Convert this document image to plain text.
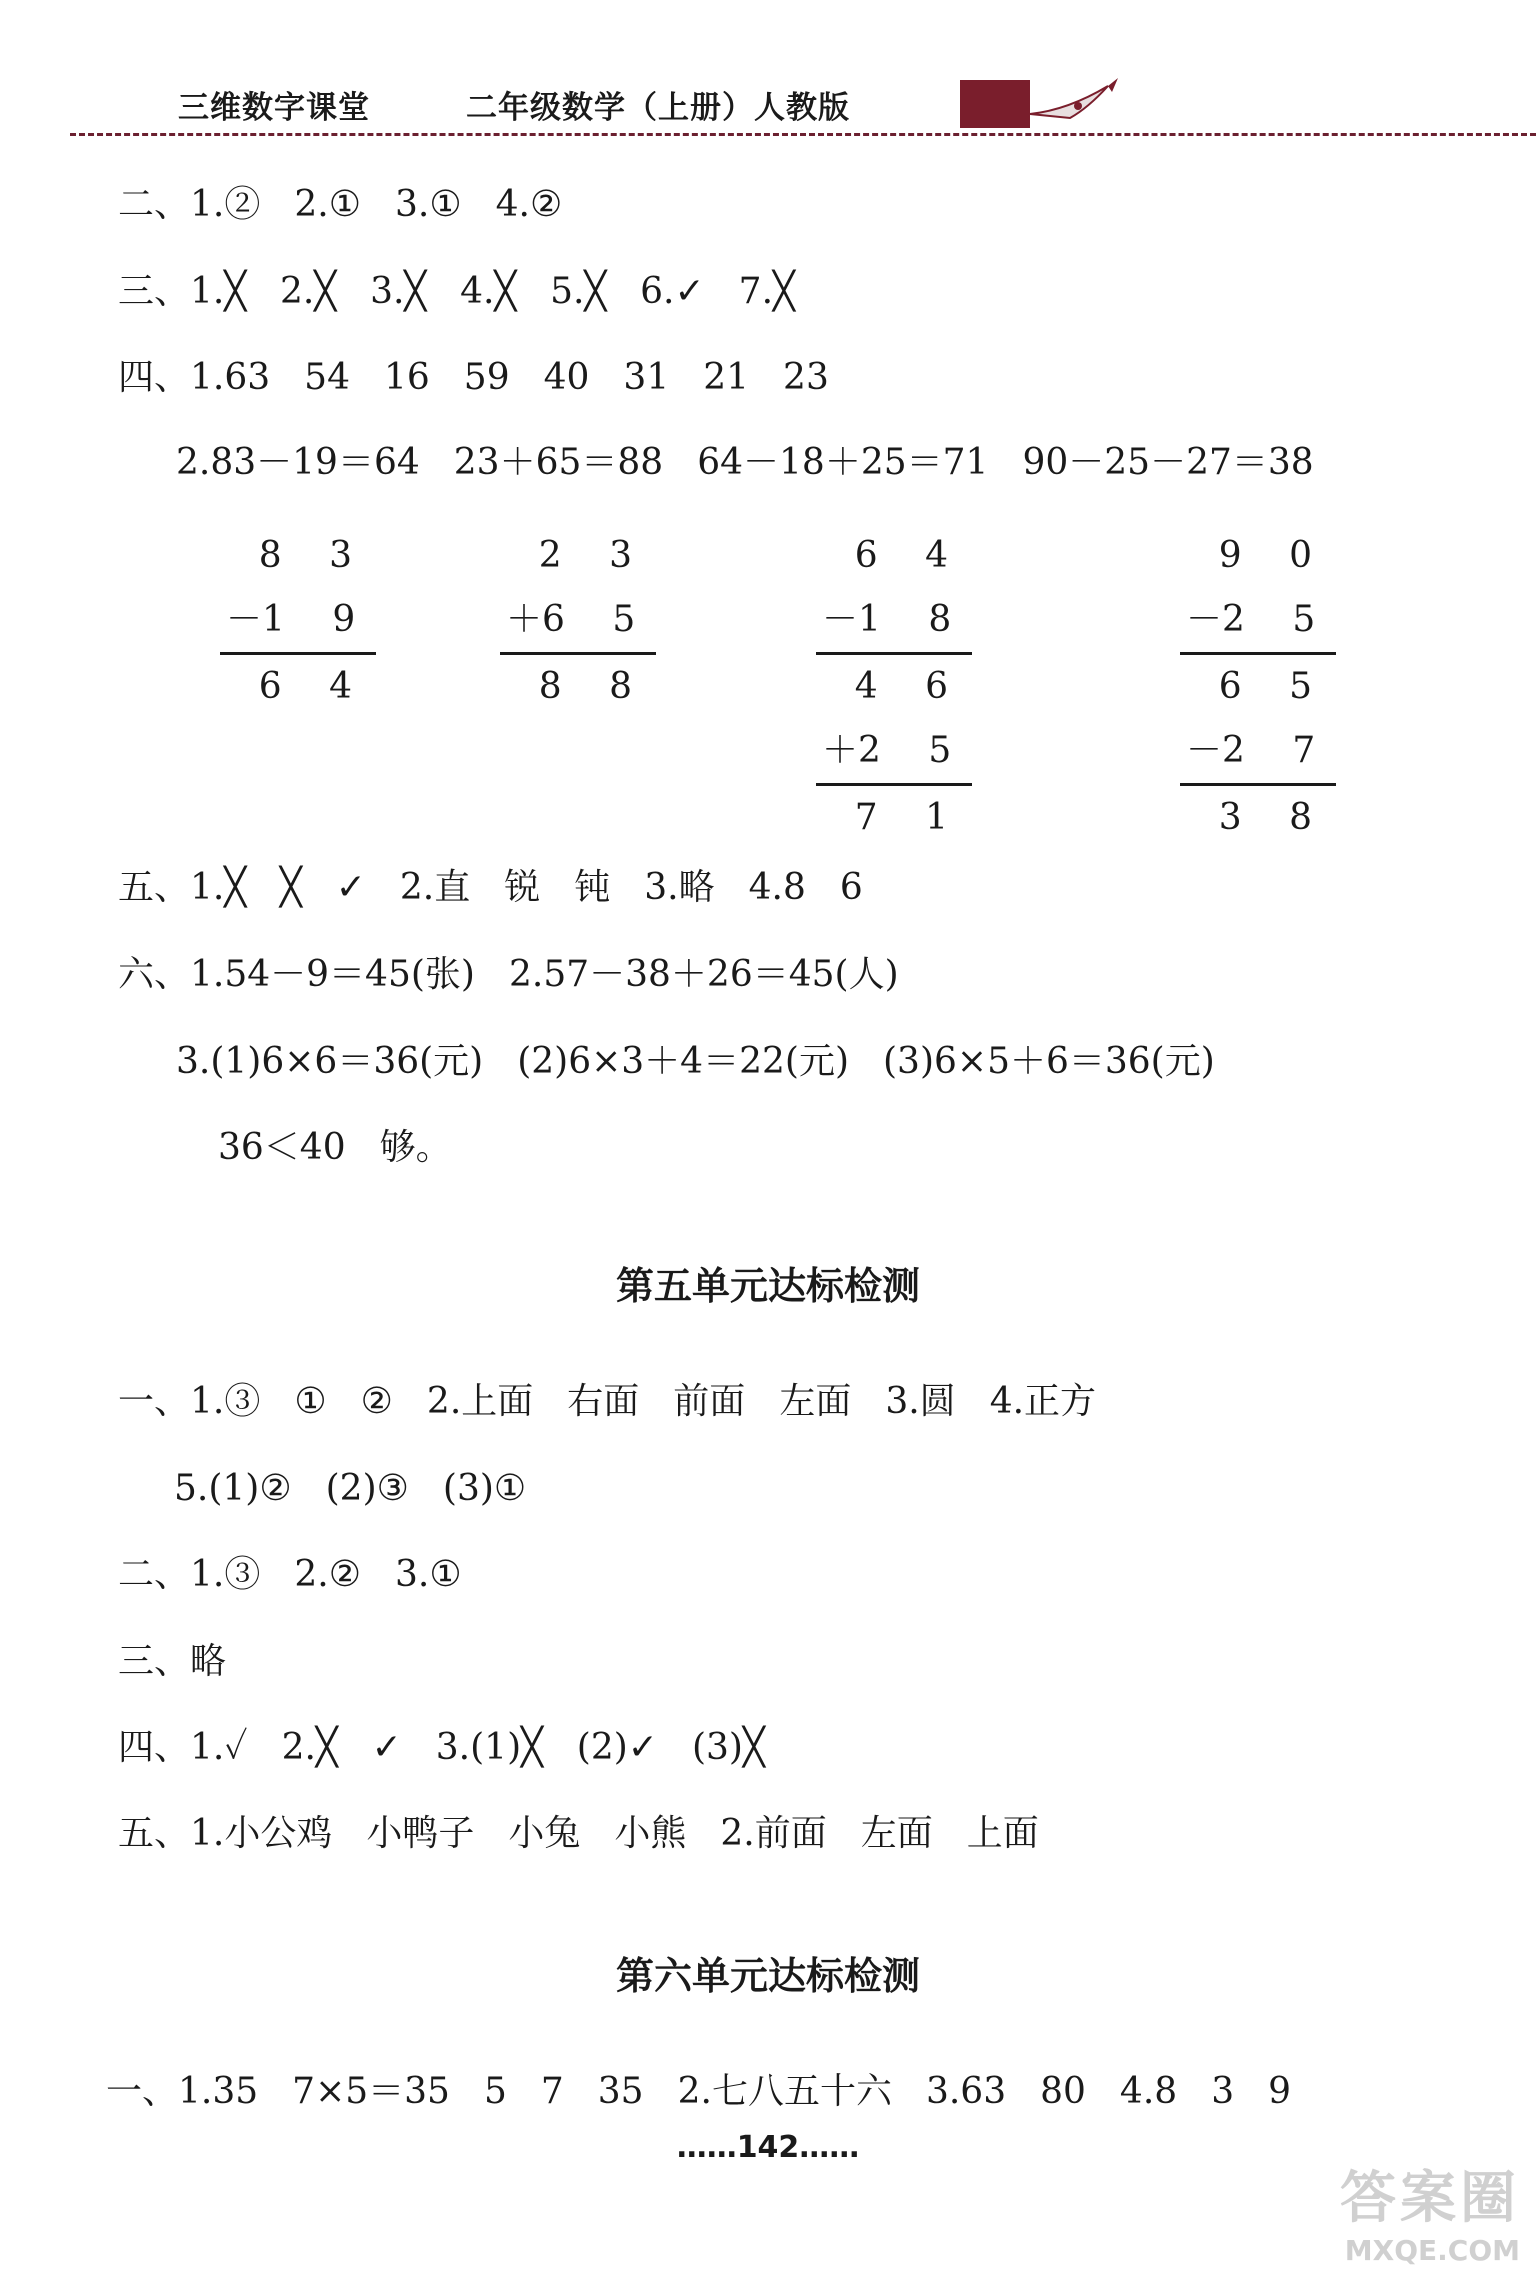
三维数字课堂	二年级数学（上册）人教版
二、1.② 2.① 3.① 4.②
三、1.╳ 2.╳ 3.╳ 4.╳ 5.╳ 6.✓ 7.╳
四、1.63 54 16 59 40 31 21 23
2.83－19＝64 23＋65＝88 64－18＋25＝71 90－25－27＝38
8 3
－ 1 9
6 4
2 3
＋ 6 5
8 8
6 4
－ 1 8
4 6
＋ 2 5
7 1
9 0
－ 2 5
6 5
－ 2 7
3 8
五、1.╳ ╳ ✓ 2.直 锐 钝 3.略 4.8 6
六、1.54－9＝45(张) 2.57－38＋26＝45(人)
3.(1)6×6＝36(元) (2)6×3＋4＝22(元) (3)6×5＋6＝36(元)
36＜40 够。
第五单元达标检测
一、1.③ ① ② 2.上面 右面 前面 左面 3.圆 4.正方
5.(1)② (2)③ (3)①
二、1.③ 2.② 3.①
三、略
四、1.✓ 2.╳ ✓ 3.(1)╳ (2)✓ (3)╳
五、1.小公鸡 小鸭子 小兔 小熊 2.前面 左面 上面
第六单元达标检测
一、1.35 7×5＝35 5 7 35 2.七八五十六 3.63 80 4.8 3 9
……142……
答案圈
MXQE.COM
